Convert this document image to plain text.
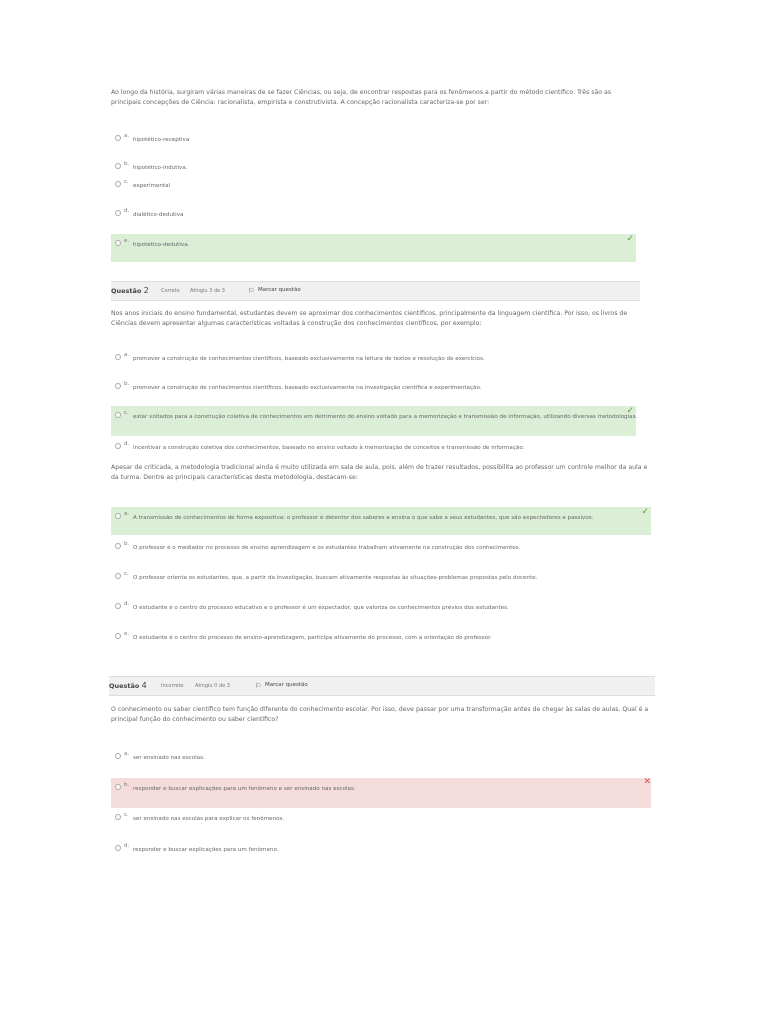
Ao longo da história, surgiram várias maneiras de se fazer Ciências, ou seja, de encontrar respostas para os fenômenos a partir do método científico. Três são as principais concepções de Ciência: racionalista, empirista e construtivista. A concepção racionalista caracteriza-se por ser:
a.
hipotético-receptiva
b.
hipotético-indutiva.
c.
experimental
d.
dialético-dedutiva
e.
hipotético-dedutiva.
✓
Questão 2 Correto Atingiu 3 de 3	⚐ Marcar questão
Nos anos iniciais do ensino fundamental, estudantes devem se aproximar dos conhecimentos científicos, principalmente da linguagem científica. Por isso, os livros de Ciências devem apresentar algumas características voltadas à construção dos conhecimentos científicos, por exemplo:
a.
promover a construção de conhecimentos científicos, baseado exclusivamente na leitura de textos e resolução de exercícios.
b.
promover a construção de conhecimentos científicos, baseado exclusivamente na investigação científica e experimentação.
c.
estar voltados para a construção coletiva de conhecimentos em detrimento do ensino voltado para a memorização e transmissão de informação, utilizando diversas metodologias.
✓
d.
incentivar a construção coletiva dos conhecimentos, baseado no ensino voltado à memorização de conceitos e transmissão de informação.
Apesar de criticada, a metodologia tradicional ainda é muito utilizada em sala de aula, pois, além de trazer resultados, possibilita ao professor um controle melhor da aula e da turma. Dentre as principais características desta metodologia, destacam-se:
a.
A transmissão de conhecimentos de forma expositiva: o professor é detentor dos saberes e ensina o que sabe a seus estudantes, que são expectadores e passivos.
✓
b.
O professor é o mediador no processo de ensino aprendizagem e os estudantes trabalham ativamente na construção dos conhecimentos.
c.
O professor orienta os estudantes, que, a partir da investigação, buscam ativamente respostas às situações-problemas propostas pelo docente.
d.
O estudante é o centro do processo educativo e o professor é um expectador, que valoriza os conhecimentos prévios dos estudantes.
e.
O estudante é o centro do processo de ensino-aprendizagem, participa ativamente do processo, com a orientação do professor.
Questão 4	Incorreto Atingiu 0 de 3	⚐ Marcar questão
O conhecimento ou saber científico tem função diferente do conhecimento escolar. Por isso, deve passar por uma transformação antes de chegar às salas de aulas. Qual é a principal função do conhecimento ou saber científico?
a.
ser ensinado nas escolas.
b.
responder e buscar explicações para um fenômeno e ser ensinado nas escolas.
✕
c.
ser ensinado nas escolas para explicar os fenômenos.
d.
responder e buscar explicações para um fenômeno.
